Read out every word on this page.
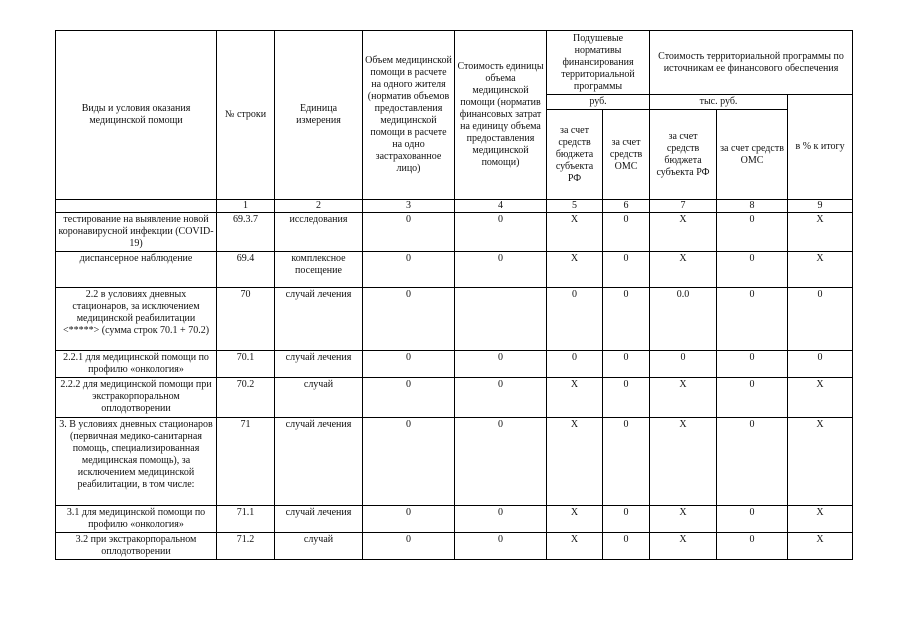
Виды и условия оказания медицинской помощи	№ строки	Единица измерения	Объем медицинской помощи в расчете на одного жителя (норматив объемов предоставления медицинской помощи в расчете на одно застрахованное лицо)	Стоимость единицы объема медицинской помощи (норматив финансовых затрат на единицу объема предоставления медицинской помощи)	Подушевые нормативы финансирования территориальной программы		Стоимость территориальной программы по источникам ее финансового обеспечения		
					руб.		тыс. руб.		в % к итогу
					за счет средств бюджета субъекта РФ	за счет средств ОМС	за счет средств бюджета субъекта РФ	за счет средств ОМС	
	1	2	3	4	5	6	7	8	9
тестирование на выявление новой коронавирусной инфекции (COVID-19)	69.3.7	исследования	0	0	X	0	X	0	X
диспансерное наблюдение	69.4	комплексное посещение	0	0	X	0	X	0	X
2.2 в условиях дневных стационаров, за исключением медицинской реабилитации <*****> (сумма строк 70.1 + 70.2)	70	случай лечения	0		0	0	0.0	0	0
2.2.1 для медицинской помощи по профилю «онкология»	70.1	случай лечения	0	0	0	0	0	0	0
2.2.2 для медицинской помощи при экстракорпоральном оплодотворении	70.2	случай	0	0	X	0	X	0	X
3. В условиях дневных стационаров (первичная медико-санитарная помощь, специализированная медицинская помощь), за исключением медицинской реабилитации, в том числе:	71	случай лечения	0	0	X	0	X	0	X
3.1 для медицинской помощи по профилю «онкология»	71.1	случай лечения	0	0	X	0	X	0	X
3.2 при экстракорпоральном оплодотворении	71.2	случай	0	0	X	0	X	0	X
